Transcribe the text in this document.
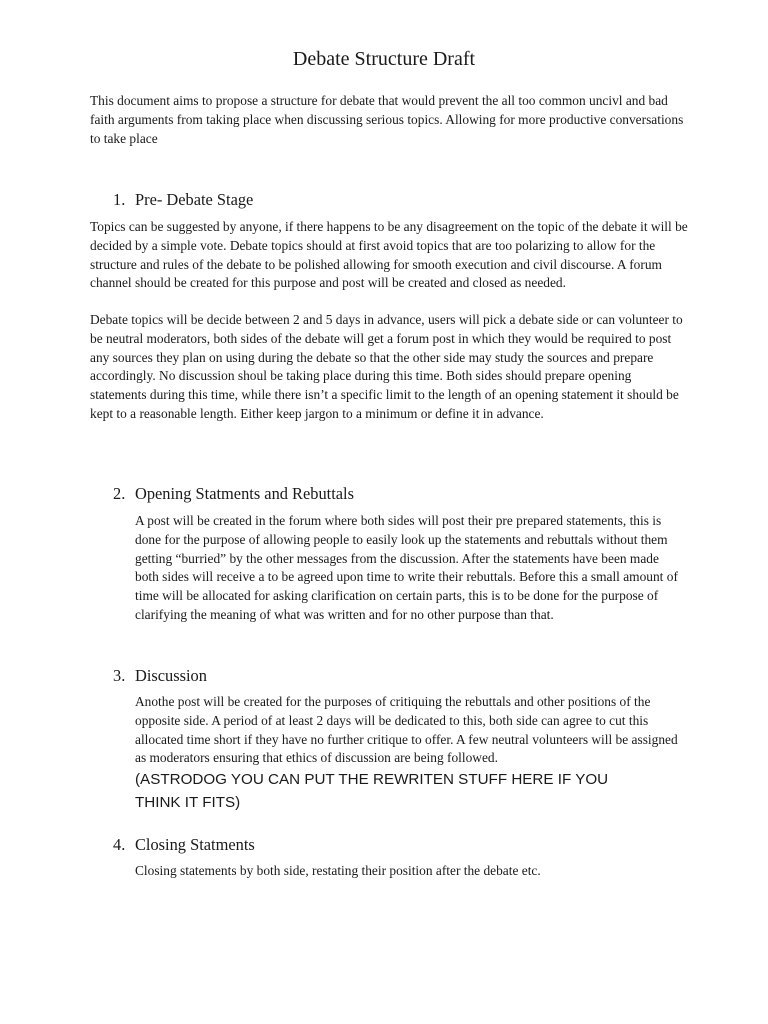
Debate Structure Draft

This document aims to propose a structure for debate that would prevent the all too common uncivl and bad faith arguments from taking place when discussing serious topics. Allowing for more productive conversations to take place

1. Pre- Debate Stage

Topics can be suggested by anyone, if there happens to be any disagreement on the topic of the debate it will be decided by a simple vote. Debate topics should at first avoid topics that are too polarizing to allow for the structure and rules of the debate to be polished allowing for smooth execution and civil discourse. A forum channel should be created for this purpose and post will be created and closed as needed.

Debate topics will be decide between 2 and 5 days in advance, users will pick a debate side or can volunteer to be neutral moderators, both sides of the debate will get a forum post in which they would be required to post any sources they plan on using during the debate so that the other side may study the sources and prepare accordingly. No discussion shoul be taking place during this time. Both sides should prepare opening statements during this time, while there isn’t a specific limit to the length of an opening statement it should be kept to a reasonable length. Either keep jargon to a minimum or define it in advance.

2. Opening Statments and Rebuttals

A post will be created in the forum where both sides will post their pre prepared statements, this is done for the purpose of allowing people to easily look up the statements and rebuttals without them getting “burried” by the other messages from the discussion. After the statements have been made both sides will receive a to be agreed upon time to write their rebuttals. Before this a small amount of time will be allocated for asking clarification on certain parts, this is to be done for the purpose of clarifying the meaning of what was written and for no other purpose than that.

3. Discussion

Anothe post will be created for the purposes of critiquing the rebuttals and other positions of the opposite side. A period of at least 2 days will be dedicated to this, both side can agree to cut this allocated time short if they have no further critique to offer. A few neutral volunteers will be assigned as moderators ensuring that ethics of discussion are being followed.

(ASTRODOG YOU CAN PUT THE REWRITEN STUFF HERE IF YOU THINK IT FITS)

4. Closing Statments

Closing statements by both side, restating their position after the debate etc.
